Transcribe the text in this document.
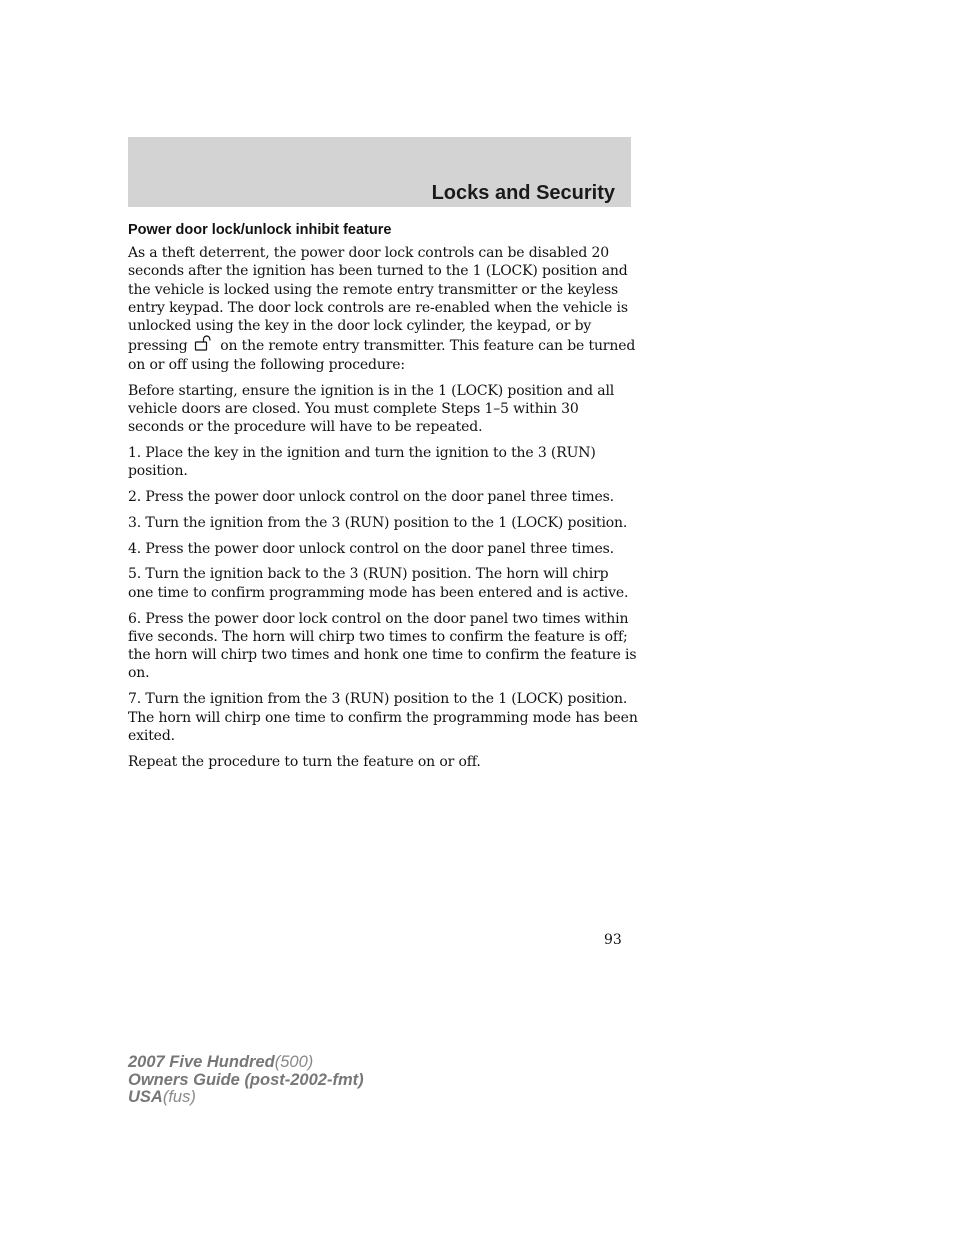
Locks and Security
Power door lock/unlock inhibit feature

As a theft deterrent, the power door lock controls can be disabled 20 seconds after the ignition has been turned to the 1 (LOCK) position and the vehicle is locked using the remote entry transmitter or the keyless entry keypad. The door lock controls are re-enabled when the vehicle is unlocked using the key in the door lock cylinder, the keypad, or by pressing on the remote entry transmitter. This feature can be turned on or off using the following procedure:

Before starting, ensure the ignition is in the 1 (LOCK) position and all vehicle doors are closed. You must complete Steps 1–5 within 30 seconds or the procedure will have to be repeated.

1. Place the key in the ignition and turn the ignition to the 3 (RUN) position.

2. Press the power door unlock control on the door panel three times.

3. Turn the ignition from the 3 (RUN) position to the 1 (LOCK) position.

4. Press the power door unlock control on the door panel three times.

5. Turn the ignition back to the 3 (RUN) position. The horn will chirp one time to confirm programming mode has been entered and is active.

6. Press the power door lock control on the door panel two times within five seconds. The horn will chirp two times to confirm the feature is off; the horn will chirp two times and honk one time to confirm the feature is on.

7. Turn the ignition from the 3 (RUN) position to the 1 (LOCK) position. The horn will chirp one time to confirm the programming mode has been exited.

Repeat the procedure to turn the feature on or off.

93
2007 Five Hundred(500)
Owners Guide (post-2002-fmt)
USA(fus)
